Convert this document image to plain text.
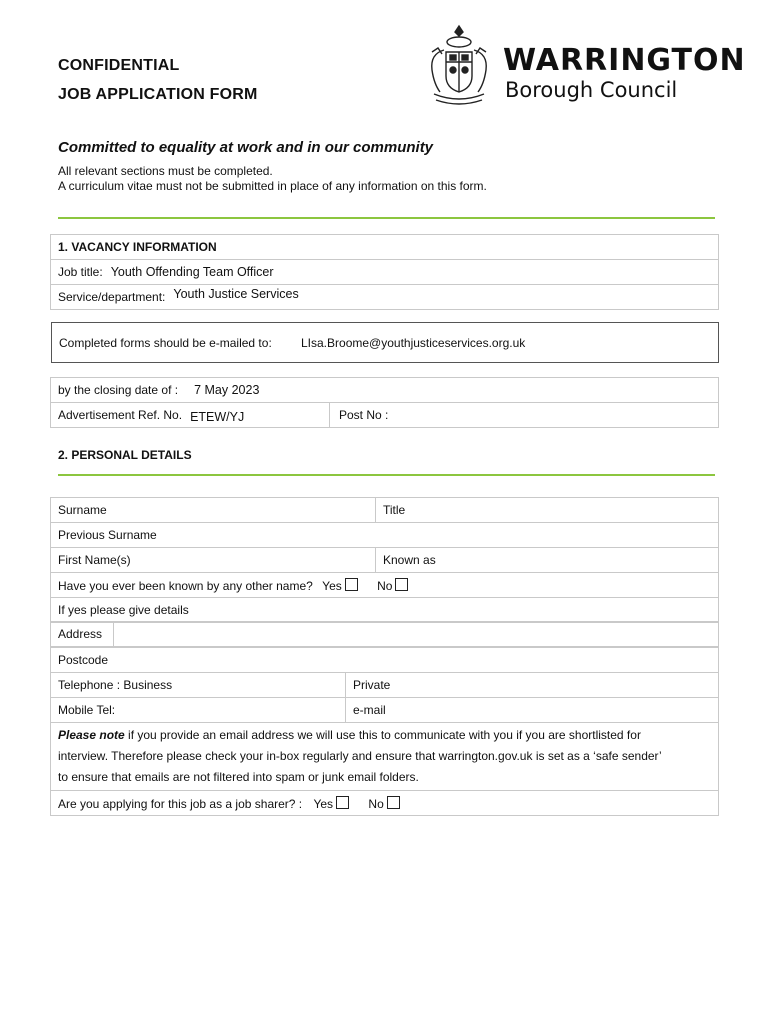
CONFIDENTIAL
JOB APPLICATION FORM
WARRINGTON
Borough Council
Committed to equality at work and in our community
All relevant sections must be completed.
A curriculum vitae must not be submitted in place of any information on this form.
1. VACANCY INFORMATION
Job title: Youth Offending Team Officer
Service/department: Youth Justice Services
Completed forms should be e-mailed to: LIsa.Broome@youthjusticeservices.org.uk
by the closing date of : 7 May 2023
Advertisement Ref. No. ETEW/YJ	Post No :
2. PERSONAL DETAILS
Surname	Title
Previous Surname	
First Name(s)	Known as
Have you ever been known by any other name? Yes No	
If yes please give details	
Address	
Postcode	
Telephone : Business	Private
Mobile Tel:	e-mail
Please note if you provide an email address we will use this to communicate with you if you are shortlisted for
interview. Therefore please check your in-box regularly and ensure that warrington.gov.uk is set as a ‘safe sender’
to ensure that emails are not filtered into spam or junk email folders.	
Are you applying for this job as a job sharer? : Yes No	
